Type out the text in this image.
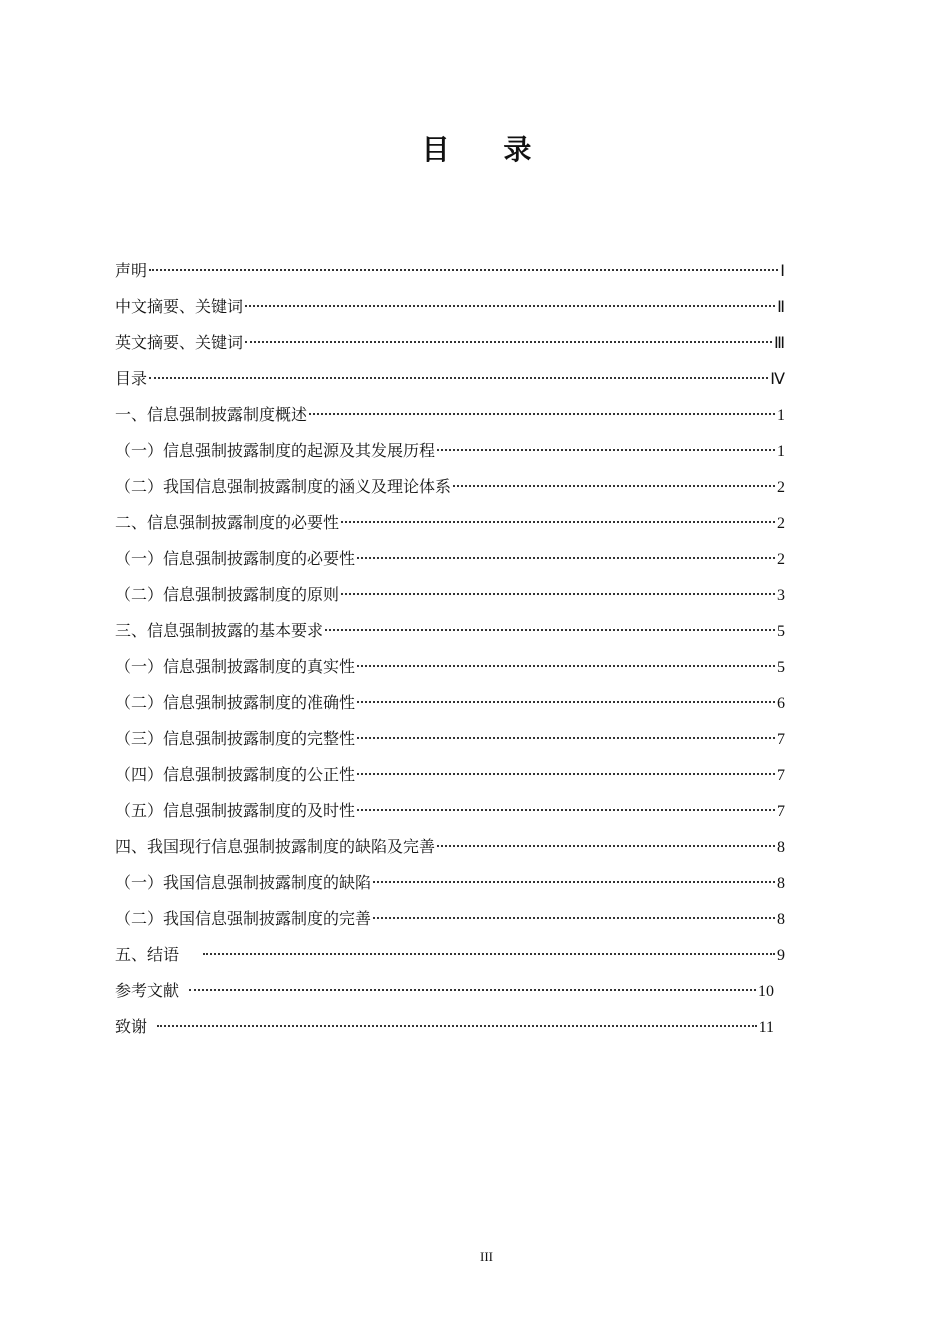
目 录
声明	Ⅰ
中文摘要、关键词	Ⅱ
英文摘要、关键词	Ⅲ
目录	Ⅳ
一、信息强制披露制度概述	1
（一）信息强制披露制度的起源及其发展历程	1
（二）我国信息强制披露制度的涵义及理论体系	2
二、信息强制披露制度的必要性	2
（一）信息强制披露制度的必要性	2
（二）信息强制披露制度的原则	3
三、信息强制披露的基本要求	5
（一）信息强制披露制度的真实性	5
（二）信息强制披露制度的准确性	6
（三）信息强制披露制度的完整性	7
（四）信息强制披露制度的公正性	7
（五）信息强制披露制度的及时性	7
四、我国现行信息强制披露制度的缺陷及完善	8
（一）我国信息强制披露制度的缺陷	8
（二）我国信息强制披露制度的完善	8
五、结语	9
参考文献	10
致谢	11
III
